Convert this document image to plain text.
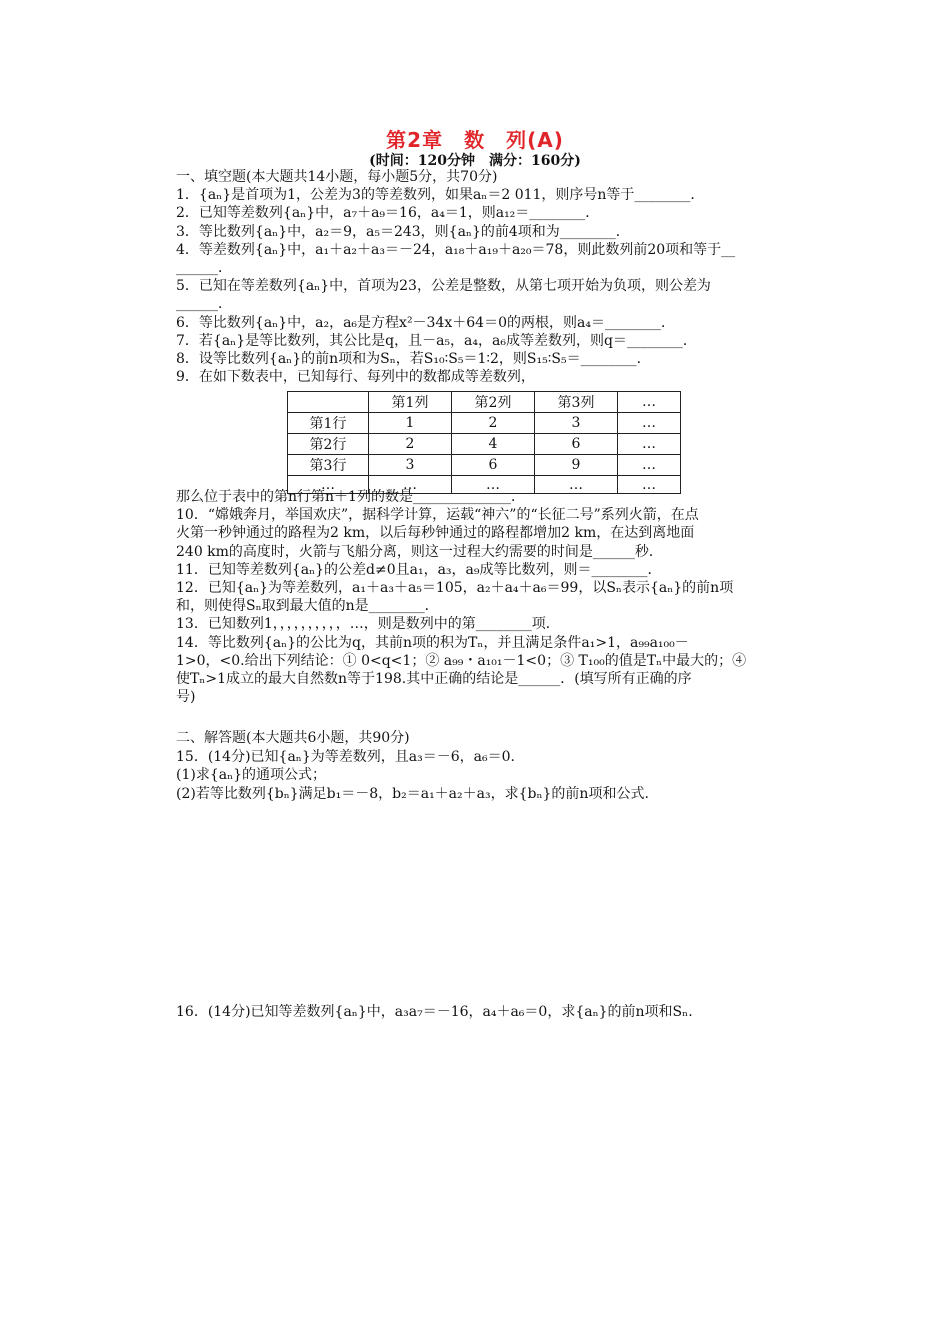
第2章　数　列(A)
(时间：120分钟　满分：160分)
一、填空题(本大题共14小题，每小题5分，共70分)
1．{aₙ}是首项为1，公差为3的等差数列，如果aₙ＝2 011，则序号n等于________．
2．已知等差数列{aₙ}中，a₇＋a₉＝16，a₄＝1，则a₁₂＝________．
3．等比数列{aₙ}中，a₂＝9，a₅＝243，则{aₙ}的前4项和为________．
4．等差数列{aₙ}中，a₁＋a₂＋a₃＝－24，a₁₈＋a₁₉＋a₂₀＝78，则此数列前20项和等于__
______．
5．已知在等差数列{aₙ}中，首项为23，公差是整数，从第七项开始为负项，则公差为
______．
6．等比数列{aₙ}中，a₂，a₆是方程x²－34x＋64＝0的两根，则a₄＝________．
7．若{aₙ}是等比数列，其公比是q，且－a₅，a₄，a₆成等差数列，则q＝________．
8．设等比数列{aₙ}的前n项和为Sₙ，若S₁₀∶S₅＝1∶2，则S₁₅∶S₅＝________．
9．在如下数表中，已知每行、每列中的数都成等差数列，
	第1列	第2列	第3列	…
第1行	1	2	3	…
第2行	2	4	6	…
第3行	3	6	9	…
…	…	…	…	…
那么位于表中的第n行第n＋1列的数是______________．
10．“嫦娥奔月，举国欢庆”，据科学计算，运载“神六”的“长征二号”系列火箭，在点
火第一秒钟通过的路程为2 km，以后每秒钟通过的路程都增加2 km，在达到离地面
240 km的高度时，火箭与飞船分离，则这一过程大约需要的时间是______秒．
11．已知等差数列{aₙ}的公差d≠0且a₁，a₃，a₉成等比数列，则＝________．
12．已知{aₙ}为等差数列，a₁＋a₃＋a₅＝105，a₂＋a₄＋a₆＝99，以Sₙ表示{aₙ}的前n项
和，则使得Sₙ取到最大值的n是________．
13．已知数列1，，，，，，，，，，…，则是数列中的第________项．
14．等比数列{aₙ}的公比为q，其前n项的积为Tₙ，并且满足条件a₁>1，a₉₉a₁₀₀－
1>0，<0.给出下列结论：① 0<q<1；② a₉₉・a₁₀₁－1<0；③ T₁₀₀的值是Tₙ中最大的；④
使Tₙ>1成立的最大自然数n等于198.其中正确的结论是______．(填写所有正确的序
号)
二、解答题(本大题共6小题，共90分)
15．(14分)已知{aₙ}为等差数列，且a₃＝－6，a₆＝0.
(1)求{aₙ}的通项公式；
(2)若等比数列{bₙ}满足b₁＝－8，b₂＝a₁＋a₂＋a₃，求{bₙ}的前n项和公式.
16．(14分)已知等差数列{aₙ}中，a₃a₇＝－16，a₄＋a₆＝0，求{aₙ}的前n项和Sₙ.
